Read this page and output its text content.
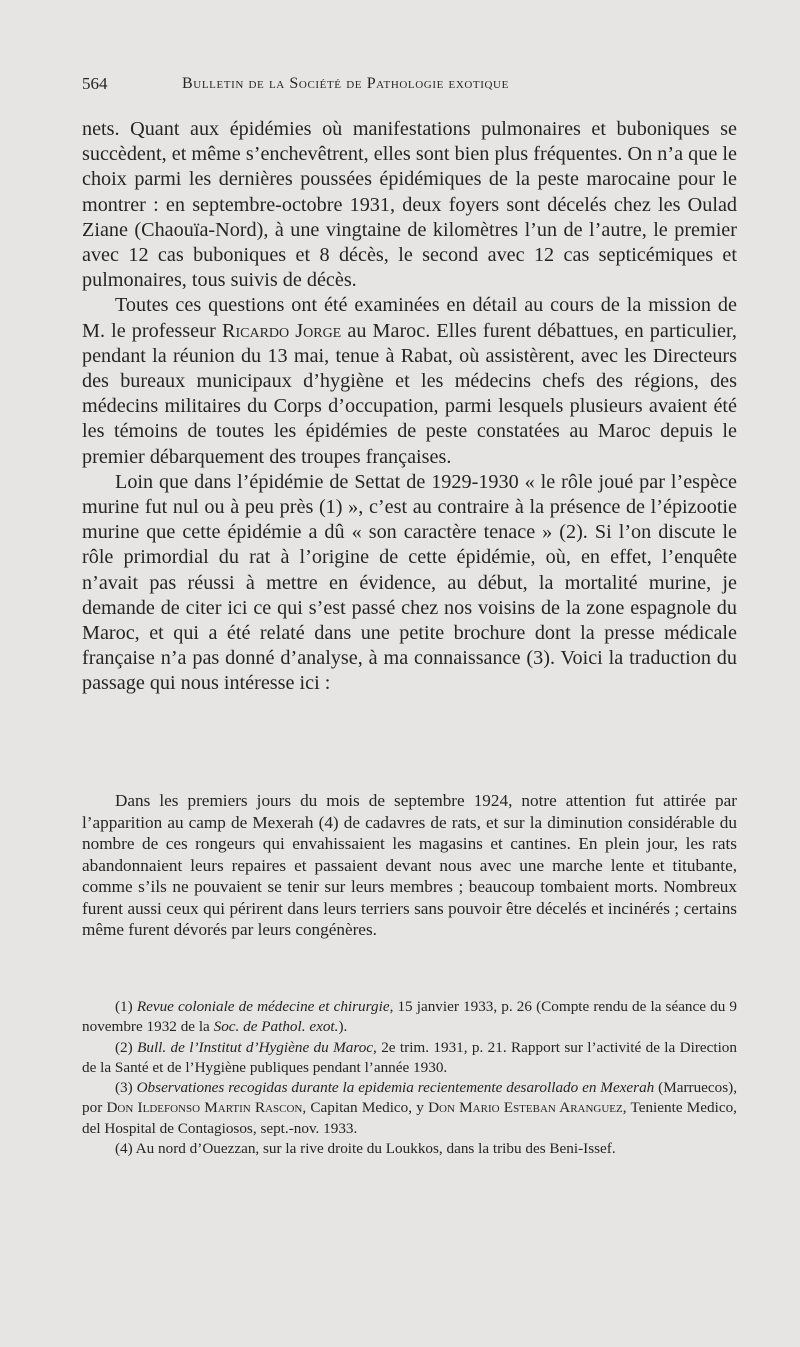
564	Bulletin de la Société de Pathologie exotique

nets. Quant aux épidémies où manifestations pulmonaires et buboniques se succèdent, et même s’enchevêtrent, elles sont bien plus fréquentes. On n’a que le choix parmi les dernières poussées épidémiques de la peste marocaine pour le montrer : en septembre-octobre 1931, deux foyers sont décelés chez les Oulad Ziane (Chaouïa-Nord), à une vingtaine de kilomètres l’un de l’autre, le premier avec 12 cas buboniques et 8 décès, le second avec 12 cas septicémiques et pulmonaires, tous suivis de décès.

Toutes ces questions ont été examinées en détail au cours de la mission de M. le professeur Ricardo Jorge au Maroc. Elles furent débattues, en particulier, pendant la réunion du 13 mai, tenue à Rabat, où assistèrent, avec les Directeurs des bureaux municipaux d’hygiène et les médecins chefs des régions, des médecins militaires du Corps d’occupation, parmi lesquels plusieurs avaient été les témoins de toutes les épidémies de peste constatées au Maroc depuis le premier débarquement des troupes françaises.

Loin que dans l’épidémie de Settat de 1929-1930 « le rôle joué par l’espèce murine fut nul ou à peu près (1) », c’est au contraire à la présence de l’épizootie murine que cette épidémie a dû « son caractère tenace » (2). Si l’on discute le rôle primordial du rat à l’origine de cette épidémie, où, en effet, l’enquête n’avait pas réussi à mettre en évidence, au début, la mortalité murine, je demande de citer ici ce qui s’est passé chez nos voisins de la zone espagnole du Maroc, et qui a été relaté dans une petite brochure dont la presse médicale française n’a pas donné d’analyse, à ma connaissance (3). Voici la traduction du passage qui nous intéresse ici :

Dans les premiers jours du mois de septembre 1924, notre attention fut attirée par l’apparition au camp de Mexerah (4) de cadavres de rats, et sur la diminution considérable du nombre de ces rongeurs qui envahissaient les magasins et cantines. En plein jour, les rats abandonnaient leurs repaires et passaient devant nous avec une marche lente et titubante, comme s’ils ne pouvaient se tenir sur leurs membres ; beaucoup tombaient morts. Nombreux furent aussi ceux qui périrent dans leurs terriers sans pouvoir être décelés et incinérés ; certains même furent dévorés par leurs congénères.

(1) Revue coloniale de médecine et chirurgie, 15 janvier 1933, p. 26 (Compte rendu de la séance du 9 novembre 1932 de la Soc. de Pathol. exot.).

(2) Bull. de l’Institut d’Hygiène du Maroc, 2e trim. 1931, p. 21. Rapport sur l’activité de la Direction de la Santé et de l’Hygiène publiques pendant l’année 1930.

(3) Observationes recogidas durante la epidemia recientemente desarollado en Mexerah (Marruecos), por Don Ildefonso Martin Rascon, Capitan Medico, y Don Mario Esteban Aranguez, Teniente Medico, del Hospital de Contagiosos, sept.-nov. 1933.

(4) Au nord d’Ouezzan, sur la rive droite du Loukkos, dans la tribu des Beni-Issef.
